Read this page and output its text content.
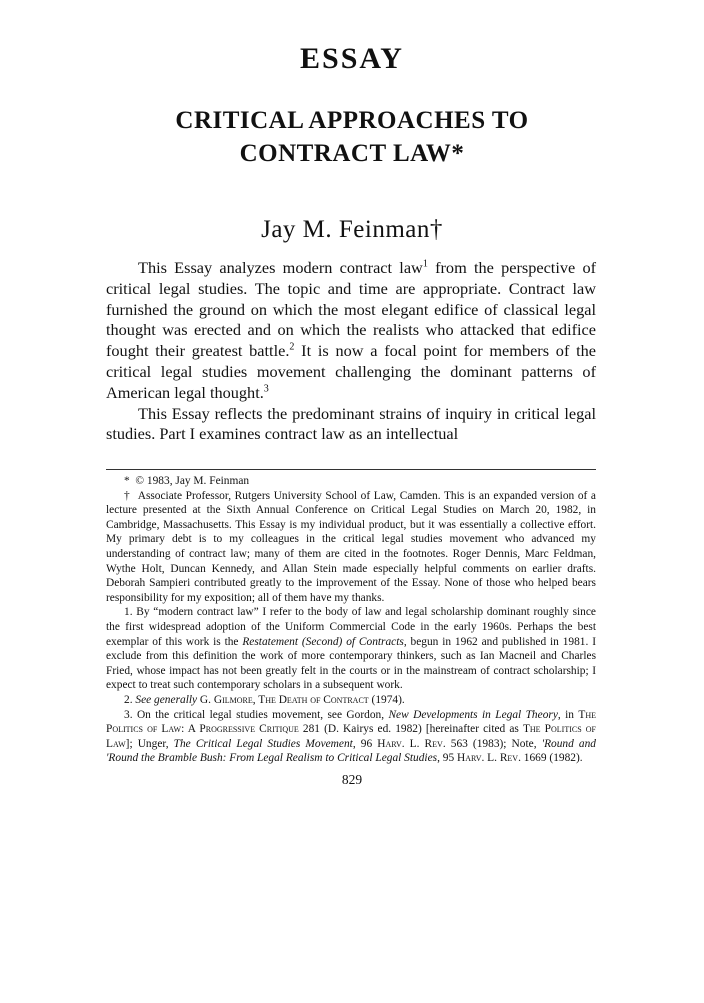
ESSAY
CRITICAL APPROACHES TO
CONTRACT LAW*
Jay M. Feinman†

This Essay analyzes modern contract law$^1$ from the perspective of critical legal studies. The topic and time are appropriate. Contract law furnished the ground on which the most elegant edifice of classical legal thought was erected and on which the realists who attacked that edifice fought their greatest battle.$^2$ It is now a focal point for members of the critical legal studies movement challenging the dominant patterns of American legal thought.$^3$

This Essay reflects the predominant strains of inquiry in critical legal studies. Part I examines contract law as an intellectual

* © 1983, Jay M. Feinman

† Associate Professor, Rutgers University School of Law, Camden. This is an expanded version of a lecture presented at the Sixth Annual Conference on Critical Legal Studies on March 20, 1982, in Cambridge, Massachusetts. This Essay is my individual product, but it was essentially a collective effort. My primary debt is to my colleagues in the critical legal studies movement who advanced my understanding of contract law; many of them are cited in the footnotes. Roger Dennis, Marc Feldman, Wythe Holt, Duncan Kennedy, and Allan Stein made especially helpful comments on earlier drafts. Deborah Sampieri contributed greatly to the improvement of the Essay. None of those who helped bears responsibility for my exposition; all of them have my thanks.

1. By “modern contract law” I refer to the body of law and legal scholarship dominant roughly since the first widespread adoption of the Uniform Commercial Code in the early 1960s. Perhaps the best exemplar of this work is the Restatement (Second) of Contracts, begun in 1962 and published in 1981. I exclude from this definition the work of more contemporary thinkers, such as Ian Macneil and Charles Fried, whose impact has not been greatly felt in the courts or in the mainstream of contract scholarship; I expect to treat such contemporary scholars in a subsequent work.

2. See generally G. Gilmore, The Death of Contract (1974).

3. On the critical legal studies movement, see Gordon, New Developments in Legal Theory, in The Politics of Law: A Progressive Critique 281 (D. Kairys ed. 1982) [hereinafter cited as The Politics of Law]; Unger, The Critical Legal Studies Movement, 96 Harv. L. Rev. 563 (1983); Note, 'Round and 'Round the Bramble Bush: From Legal Realism to Critical Legal Studies, 95 Harv. L. Rev. 1669 (1982).

829
